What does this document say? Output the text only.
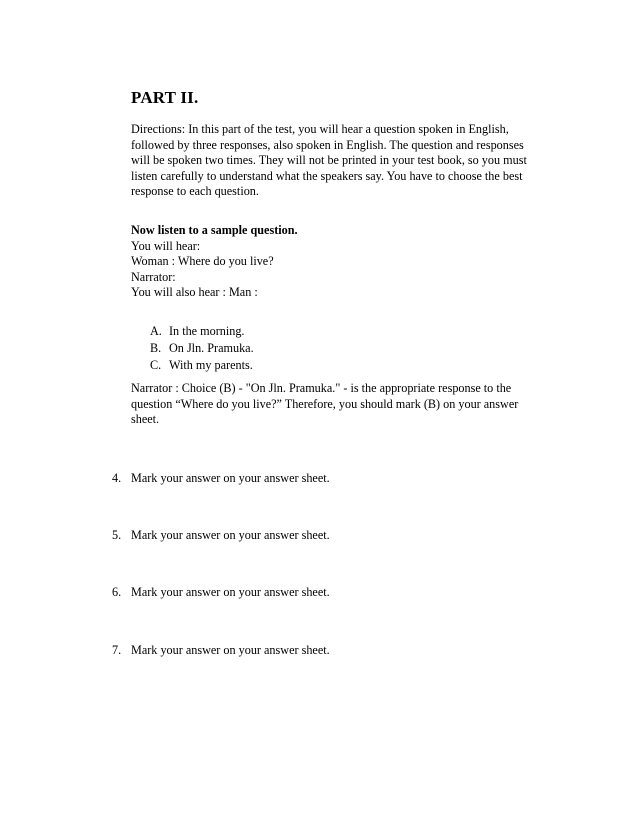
PART II.
Directions: In this part of the test, you will hear a question spoken in English,
followed by three responses, also spoken in English. The question and responses
will be spoken two times. They will not be printed in your test book, so you must
listen carefully to understand what the speakers say. You have to choose the best
response to each question.
Now listen to a sample question.
You will hear:
Woman : Where do you live?
Narrator:
You will also hear : Man :
A. In the morning.
B. On Jln. Pramuka.
C. With my parents.
Narrator : Choice (B) - "On Jln. Pramuka." - is the appropriate response to the
question “Where do you live?” Therefore, you should mark (B) on your answer
sheet.
4. Mark your answer on your answer sheet.
5. Mark your answer on your answer sheet.
6. Mark your answer on your answer sheet.
7. Mark your answer on your answer sheet.
